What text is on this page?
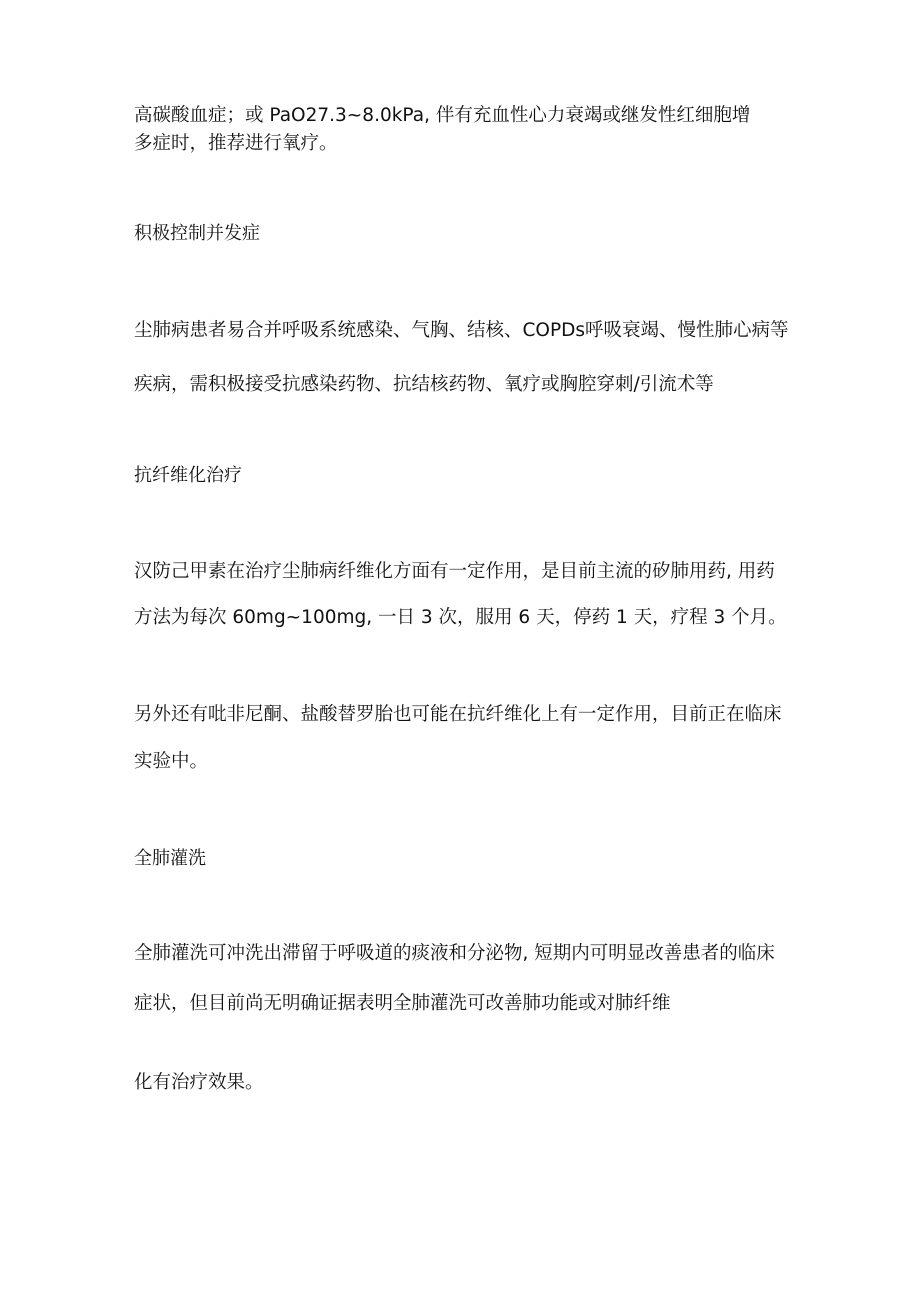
高碳酸血症；或 PaO27.3~8.0kPa, 伴有充血性心力衰竭或继发性红细胞增
多症时，推荐进行氧疗。
积极控制并发症
尘肺病患者易合并呼吸系统感染、气胸、结核、COPDs呼吸衰竭、慢性肺心病等
疾病，需积极接受抗感染药物、抗结核药物、氧疗或胸腔穿刺/引流术等
抗纤维化治疗
汉防己甲素在治疗尘肺病纤维化方面有一定作用，是目前主流的矽肺用药, 用药
方法为每次 60mg~100mg, 一日 3 次，服用 6 天，停药 1 天，疗程 3 个月。
另外还有吡非尼酮、盐酸替罗胎也可能在抗纤维化上有一定作用，目前正在临床
实验中。
全肺灌洗
全肺灌洗可冲洗出滞留于呼吸道的痰液和分泌物, 短期内可明显改善患者的临床
症状，但目前尚无明确证据表明全肺灌洗可改善肺功能或对肺纤维
化有治疗效果。
